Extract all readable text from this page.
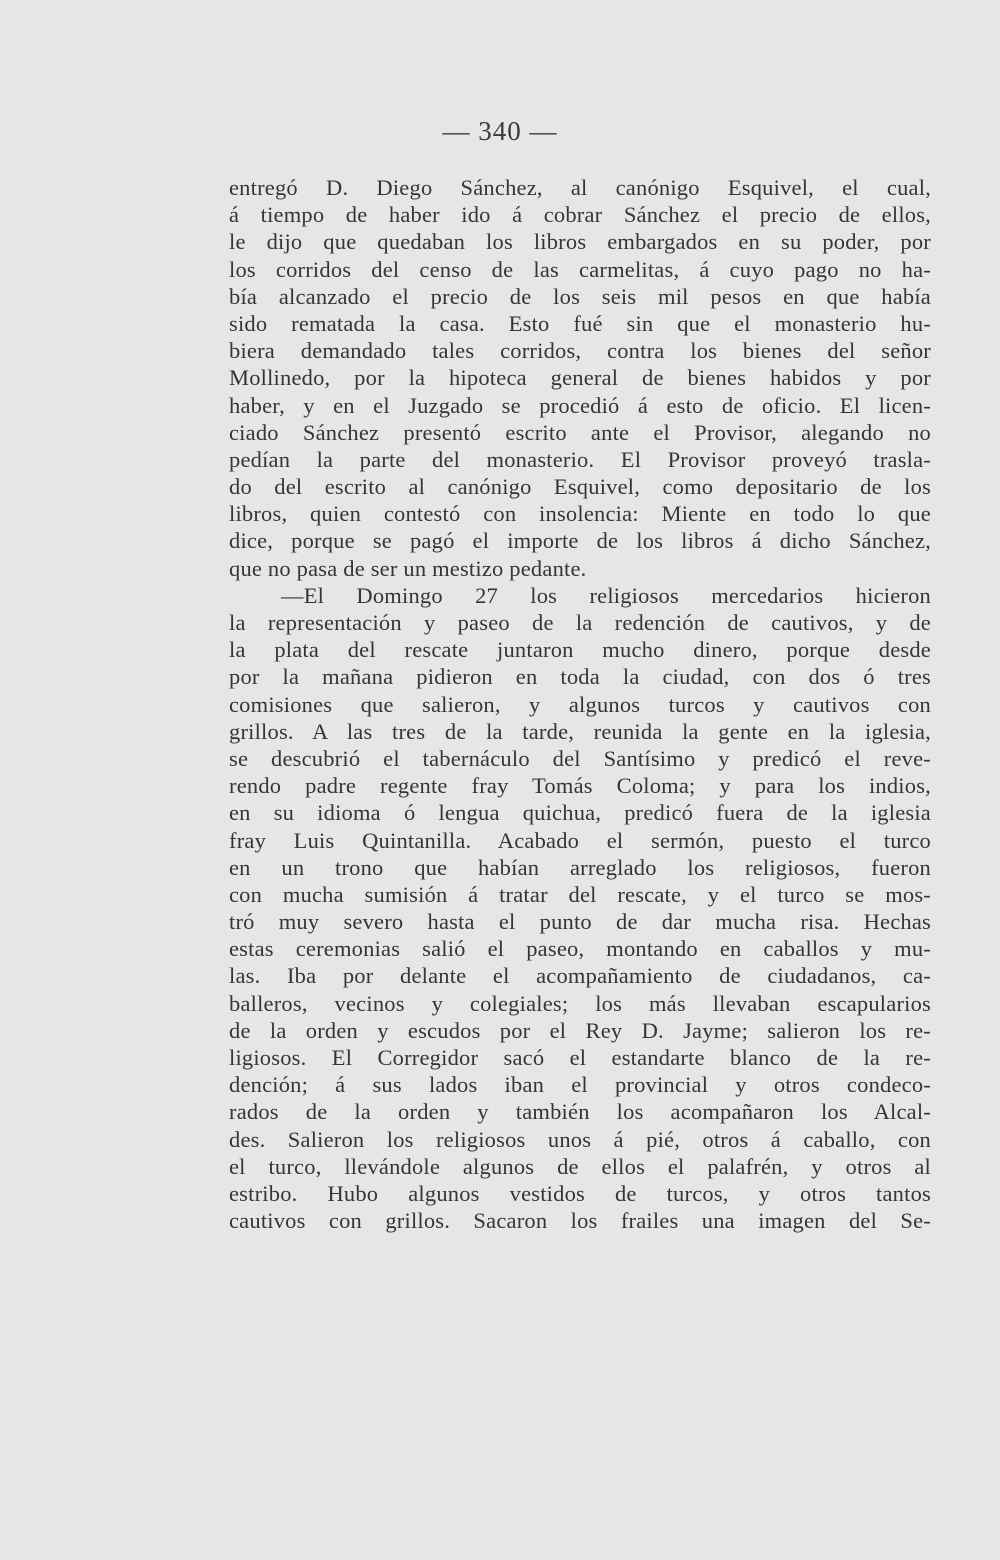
— 340 —
entregó D. Diego Sánchez, al canónigo Esquivel, el cual,
á tiempo de haber ido á cobrar Sánchez el precio de ellos,
le dijo que quedaban los libros embargados en su poder, por
los corridos del censo de las carmelitas, á cuyo pago no ha-
bía alcanzado el precio de los seis mil pesos en que había
sido rematada la casa. Esto fué sin que el monasterio hu-
biera demandado tales corridos, contra los bienes del señor
Mollinedo, por la hipoteca general de bienes habidos y por
haber, y en el Juzgado se procedió á esto de oficio. El licen-
ciado Sánchez presentó escrito ante el Provisor, alegando no
pedían la parte del monasterio. El Provisor proveyó trasla-
do del escrito al canónigo Esquivel, como depositario de los
libros, quien contestó con insolencia: Miente en todo lo que
dice, porque se pagó el importe de los libros á dicho Sánchez,
que no pasa de ser un mestizo pedante.
—El Domingo 27 los religiosos mercedarios hicieron
la representación y paseo de la redención de cautivos, y de
la plata del rescate juntaron mucho dinero, porque desde
por la mañana pidieron en toda la ciudad, con dos ó tres
comisiones que salieron, y algunos turcos y cautivos con
grillos. A las tres de la tarde, reunida la gente en la iglesia,
se descubrió el tabernáculo del Santísimo y predicó el reve-
rendo padre regente fray Tomás Coloma; y para los indios,
en su idioma ó lengua quichua, predicó fuera de la iglesia
fray Luis Quintanilla. Acabado el sermón, puesto el turco
en un trono que habían arreglado los religiosos, fueron
con mucha sumisión á tratar del rescate, y el turco se mos-
tró muy severo hasta el punto de dar mucha risa. Hechas
estas ceremonias salió el paseo, montando en caballos y mu-
las. Iba por delante el acompañamiento de ciudadanos, ca-
balleros, vecinos y colegiales; los más llevaban escapularios
de la orden y escudos por el Rey D. Jayme; salieron los re-
ligiosos. El Corregidor sacó el estandarte blanco de la re-
dención; á sus lados iban el provincial y otros condeco-
rados de la orden y también los acompañaron los Alcal-
des. Salieron los religiosos unos á pié, otros á caballo, con
el turco, llevándole algunos de ellos el palafrén, y otros al
estribo. Hubo algunos vestidos de turcos, y otros tantos
cautivos con grillos. Sacaron los frailes una imagen del Se-
